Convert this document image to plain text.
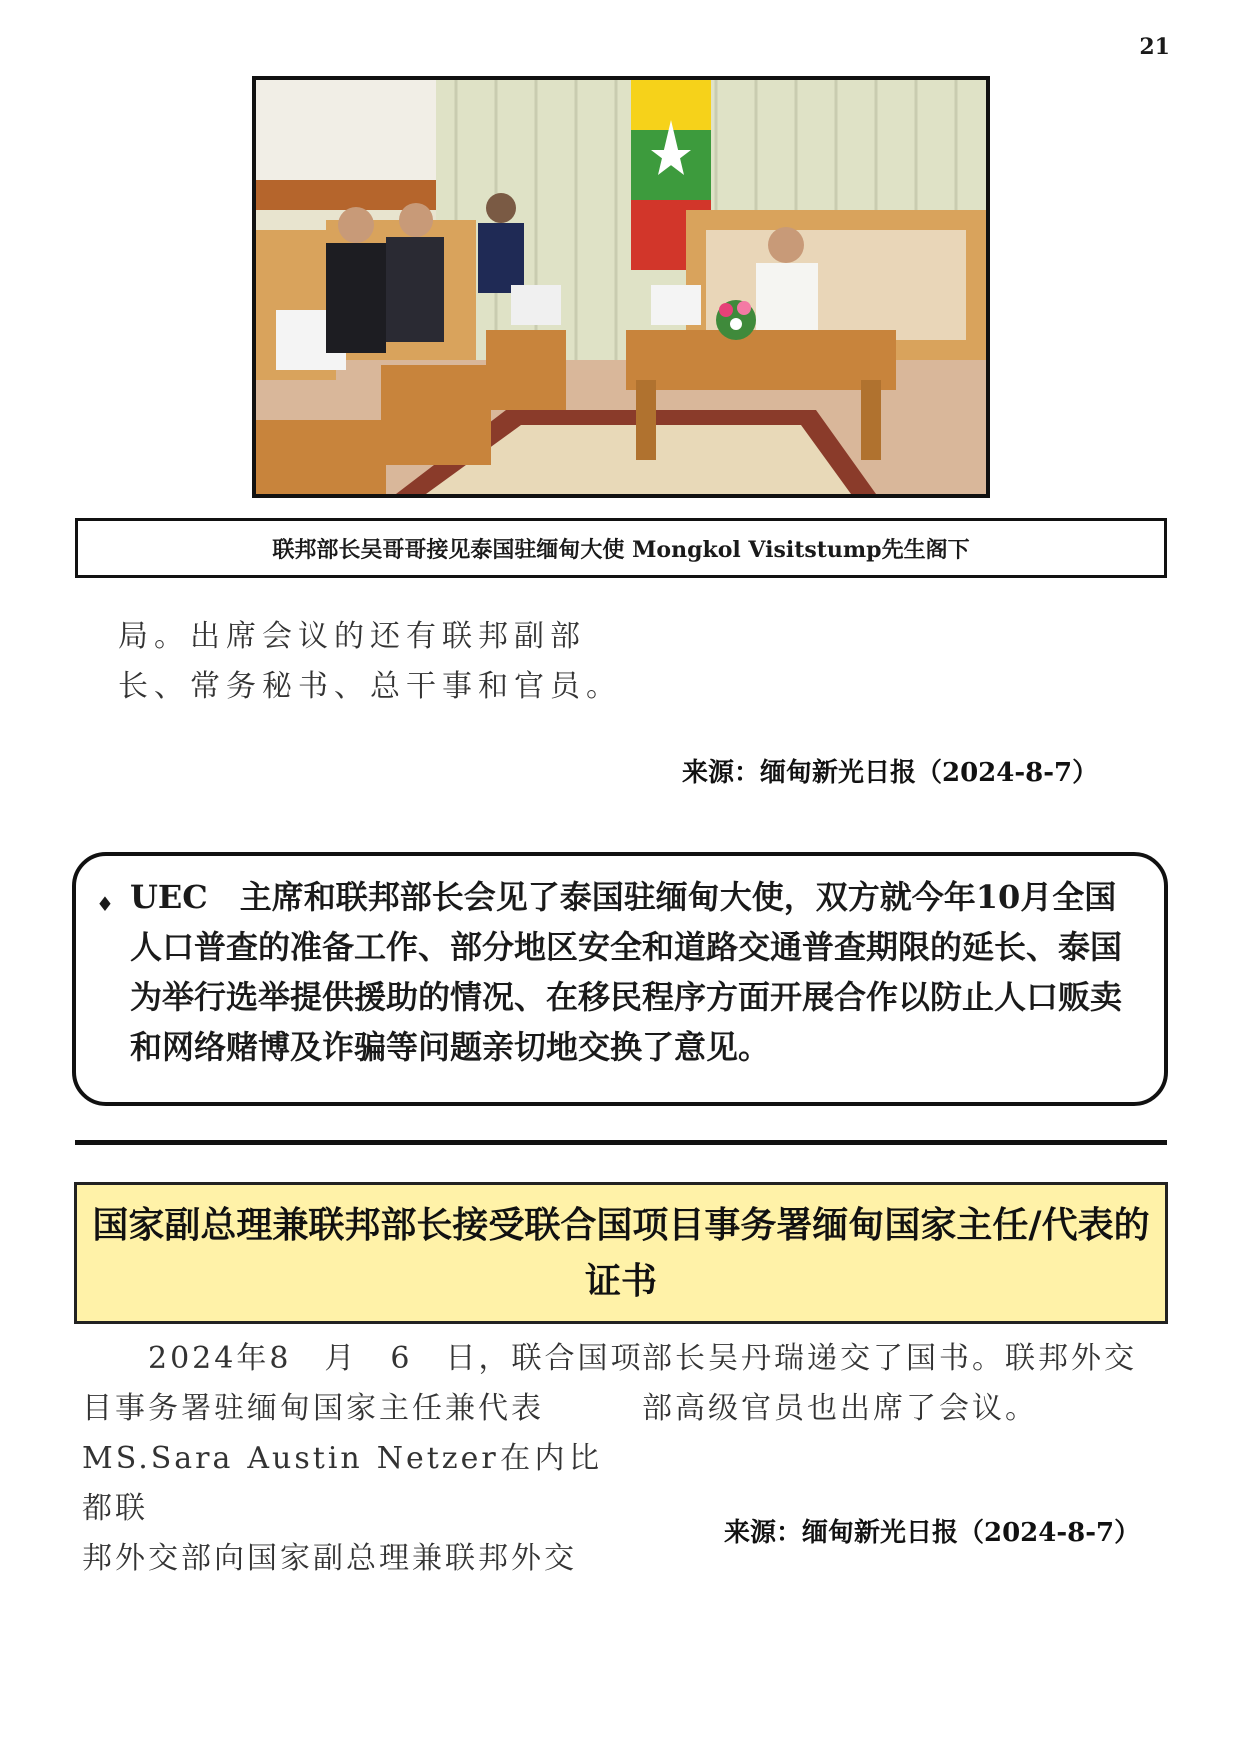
21
联邦部长吴哥哥接见泰国驻缅甸大使 Mongkol Visitstump先生阁下

局。出席会议的还有联邦副部

长、常务秘书、总干事和官员。

来源：缅甸新光日报（2024-8-7）
♦ UEC　主席和联邦部长会见了泰国驻缅甸大使，双方就今年10月全国人口普查的准备工作、部分地区安全和道路交通普查期限的延长、泰国为举行选举提供援助的情况、在移民程序方面开展合作以防止人口贩卖和网络赌博及诈骗等问题亲切地交换了意见。
国家副总理兼联邦部长接受联合国项目事务署缅甸国家主任/代表的证书

　　2024年8　月　6　日，联合国项

目事务署驻缅甸国家主任兼代表

MS.Sara Austin Netzer在内比都联

邦外交部向国家副总理兼联邦外交

部长吴丹瑞递交了国书。联邦外交

部高级官员也出席了会议。

来源：缅甸新光日报（2024-8-7）
